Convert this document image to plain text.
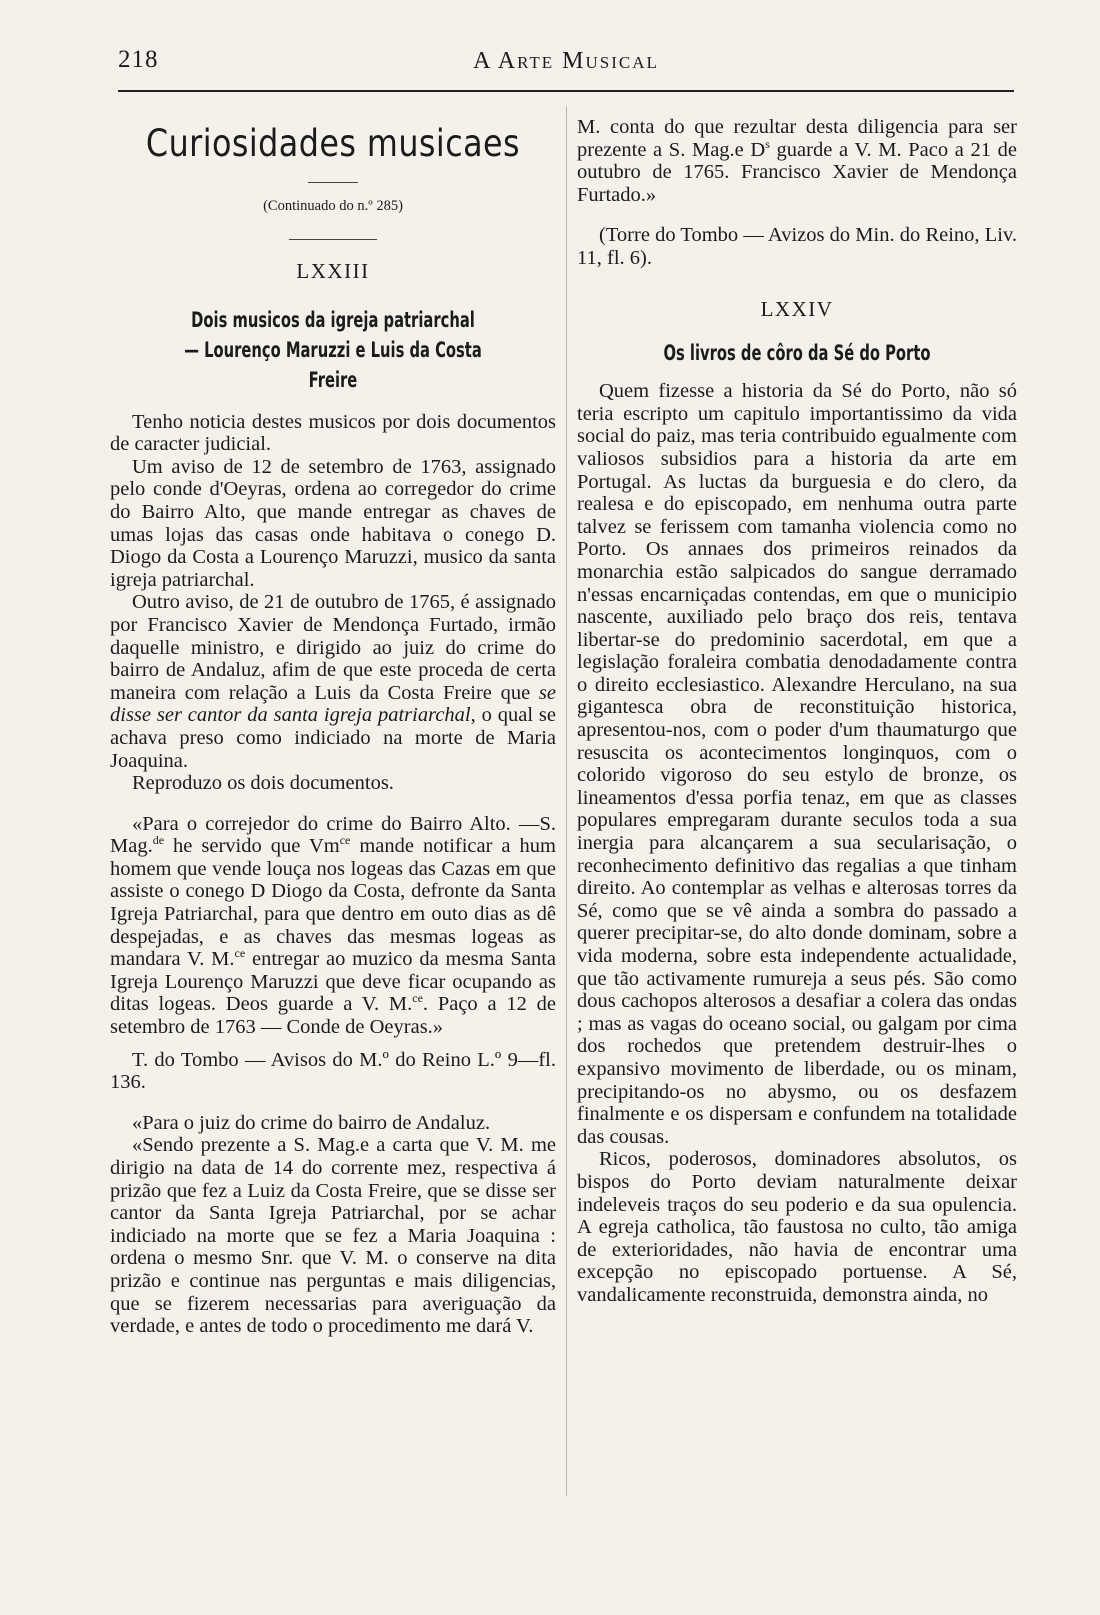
218	A Arte Musical
Curiosidades musicaes

(Continuado do n.º 285)

LXXIII

Dois musicos da igreja patriarchal

— Lourenço Maruzzi e Luis da Costa Freire

Tenho noticia destes musicos por dois documentos de caracter judicial.

Um aviso de 12 de setembro de 1763, assignado pelo conde d'Oeyras, ordena ao corregedor do crime do Bairro Alto, que mande entregar as chaves de umas lojas das casas onde habitava o conego D. Diogo da Costa a Lourenço Maruzzi, musico da santa igreja patriarchal.

Outro aviso, de 21 de outubro de 1765, é assignado por Francisco Xavier de Mendonça Furtado, irmão daquelle ministro, e dirigido ao juiz do crime do bairro de Andaluz, afim de que este proceda de certa maneira com relação a Luis da Costa Freire que se disse ser cantor da santa igreja patriarchal, o qual se achava preso como indiciado na morte de Maria Joaquina.

Reproduzo os dois documentos.

«Para o correjedor do crime do Bairro Alto. —S. Mag.$^{de}$ he servido que $Vm^{ce}$ mande notificar a hum homem que vende louça nos logeas das Cazas em que assiste o conego D Diogo da Costa, defronte da Santa Igreja Patriarchal, para que dentro em outo dias as dê despejadas, e as chaves das mesmas logeas as mandara V. M.$^{ce}$ entregar ao muzico da mesma Santa Igreja Lourenço Maruzzi que deve ficar ocupando as ditas logeas. Deos guarde a V. M.$^{ce}$. Paço a 12 de setembro de 1763 — Conde de Oeyras.»

T. do Tombo — Avisos do M.º do Reino L.º 9—fl. 136.

«Para o juiz do crime do bairro de Andaluz.

«Sendo prezente a S. Mag.e a carta que V. M. me dirigio na data de 14 do corrente mez, respectiva á prizão que fez a Luiz da Costa Freire, que se disse ser cantor da Santa Igreja Patriarchal, por se achar indiciado na morte que se fez a Maria Joaquina : ordena o mesmo Snr. que V. M. o conserve na dita prizão e continue nas perguntas e mais diligencias, que se fizerem necessarias para averiguação da verdade, e antes de todo o procedimento me dará V.

M. conta do que rezultar desta diligencia para ser prezente a S. Mag.e $D^s$ guarde a V. M. Paco a 21 de outubro de 1765. Francisco Xavier de Mendonça Furtado.»

(Torre do Tombo — Avizos do Min. do Reino, Liv. 11, fl. 6).

LXXIV

Os livros de côro da Sé do Porto

Quem fizesse a historia da Sé do Porto, não só teria escripto um capitulo importantissimo da vida social do paiz, mas teria contribuido egualmente com valiosos subsidios para a historia da arte em Portugal. As luctas da burguesia e do clero, da realesa e do episcopado, em nenhuma outra parte talvez se ferissem com tamanha violencia como no Porto. Os annaes dos primeiros reinados da monarchia estão salpicados do sangue derramado n'essas encarniçadas contendas, em que o municipio nascente, auxiliado pelo braço dos reis, tentava libertar-se do predominio sacerdotal, em que a legislação foraleira combatia denodadamente contra o direito ecclesiastico. Alexandre Herculano, na sua gigantesca obra de reconstituição historica, apresentou-nos, com o poder d'um thaumaturgo que resuscita os acontecimentos longinquos, com o colorido vigoroso do seu estylo de bronze, os lineamentos d'essa porfia tenaz, em que as classes populares empregaram durante seculos toda a sua inergia para alcançarem a sua secularisação, o reconhecimento definitivo das regalias a que tinham direito. Ao contemplar as velhas e alterosas torres da Sé, como que se vê ainda a sombra do passado a querer precipitar-se, do alto donde dominam, sobre a vida moderna, sobre esta independente actualidade, que tão activamente rumureja a seus pés. São como dous cachopos alterosos a desafiar a colera das ondas ; mas as vagas do oceano social, ou galgam por cima dos rochedos que pretendem destruir-lhes o expansivo movimento de liberdade, ou os minam, precipitando-os no abysmo, ou os desfazem finalmente e os dispersam e confundem na totalidade das cousas.

Ricos, poderosos, dominadores absolutos, os bispos do Porto deviam naturalmente deixar indeleveis traços do seu poderio e da sua opulencia. A egreja catholica, tão faustosa no culto, tão amiga de exterioridades, não havia de encontrar uma excepção no episcopado portuense. A Sé, vandalicamente reconstruida, demonstra ainda, no
